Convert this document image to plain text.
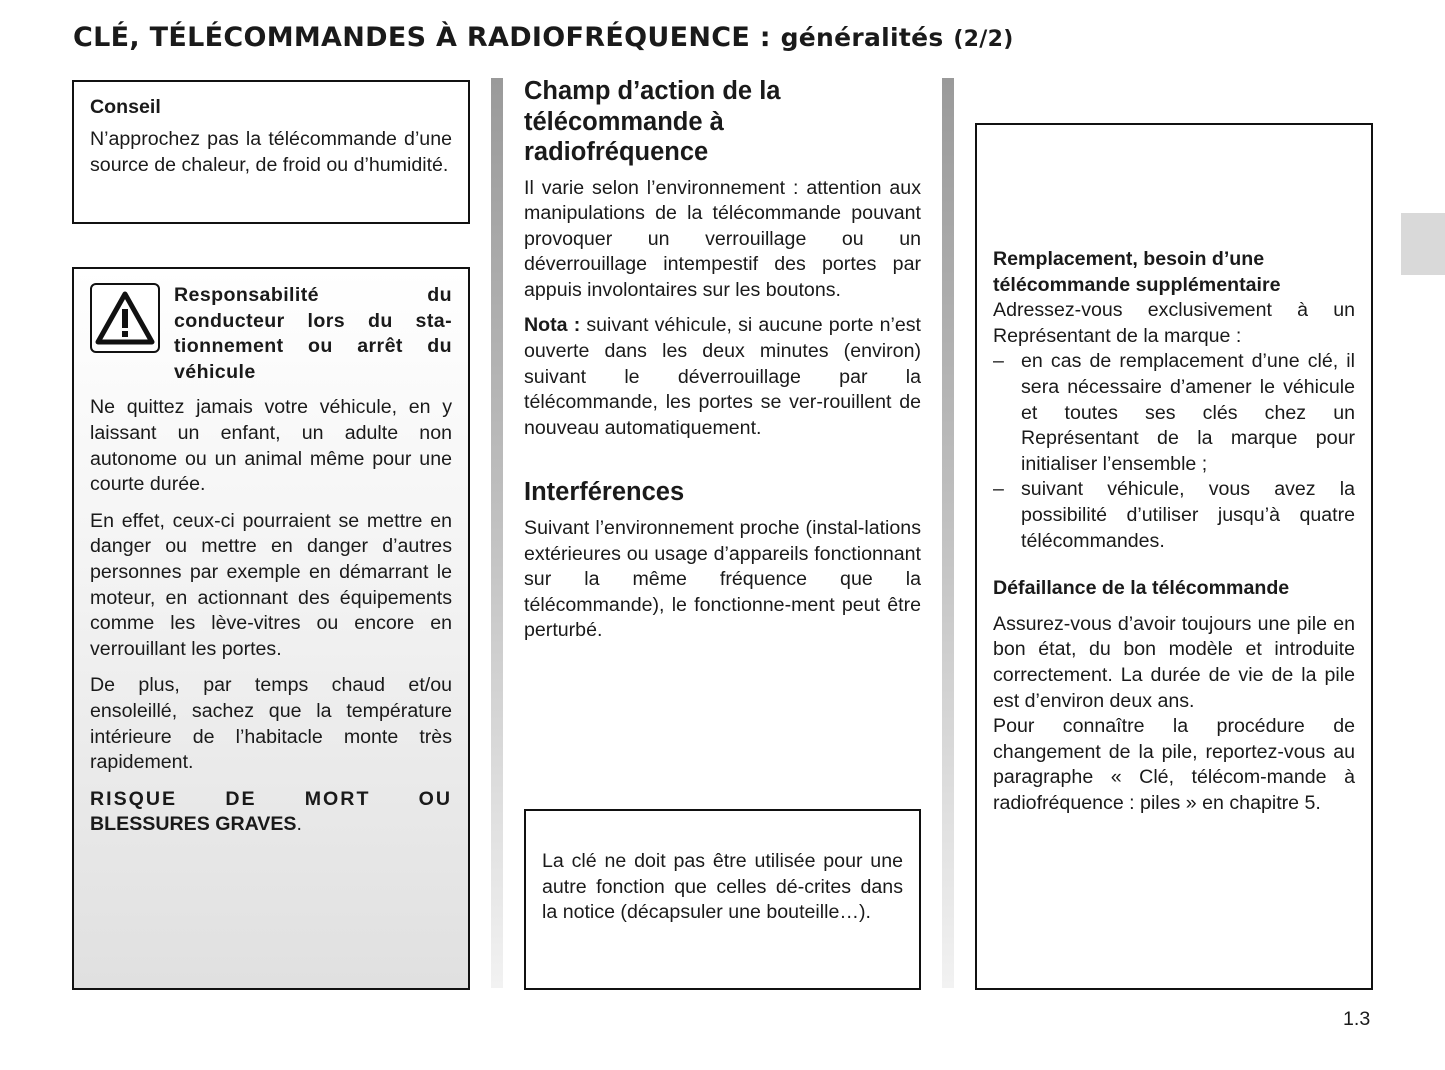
CLÉ, TÉLÉCOMMANDES À RADIOFRÉQUENCE : généralités (2/2)

Conseil

N’approchez pas la télécommande d’une source de chaleur, de froid ou d’humidité.

Responsabilité du conducteur lors du sta-tionnement ou arrêt du véhicule

Ne quittez jamais votre véhicule, en y laissant un enfant, un adulte non autonome ou un animal même pour une courte durée.

En effet, ceux-ci pourraient se mettre en danger ou mettre en danger d’autres personnes par exemple en démarrant le moteur, en actionnant des équipements comme les lève-vitres ou encore en verrouillant les portes.

De plus, par temps chaud et/ou ensoleillé, sachez que la température intérieure de l’habitacle monte très rapidement.

RISQUE DE MORT OU
BLESSURES GRAVES.

Champ d’action de la télécommande à radiofréquence

Il varie selon l’environnement : attention aux manipulations de la télécommande pouvant provoquer un verrouillage ou un déverrouillage intempestif des portes par appuis involontaires sur les boutons.

Nota : suivant véhicule, si aucune porte n’est ouverte dans les deux minutes (environ) suivant le déverrouillage par la télécommande, les portes se ver-rouillent de nouveau automatiquement.

Interférences

Suivant l’environnement proche (instal-lations extérieures ou usage d’appareils fonctionnant sur la même fréquence que la télécommande), le fonctionne-ment peut être perturbé.

La clé ne doit pas être utilisée pour une autre fonction que celles dé-crites dans la notice (décapsuler une bouteille…).

Remplacement, besoin d’une télécommande supplémentaire

Adressez-vous exclusivement à un Représentant de la marque :

– en cas de remplacement d’une clé, il sera nécessaire d’amener le véhicule et toutes ses clés chez un Représentant de la marque pour initialiser l’ensemble ;
– suivant véhicule, vous avez la possibilité d’utiliser jusqu’à quatre télécommandes.

Défaillance de la télécommande

Assurez-vous d’avoir toujours une pile en bon état, du bon modèle et introduite correctement. La durée de vie de la pile est d’environ deux ans.

Pour connaître la procédure de changement de la pile, reportez-vous au paragraphe « Clé, télécom-mande à radiofréquence : piles » en chapitre 5.

1.3
